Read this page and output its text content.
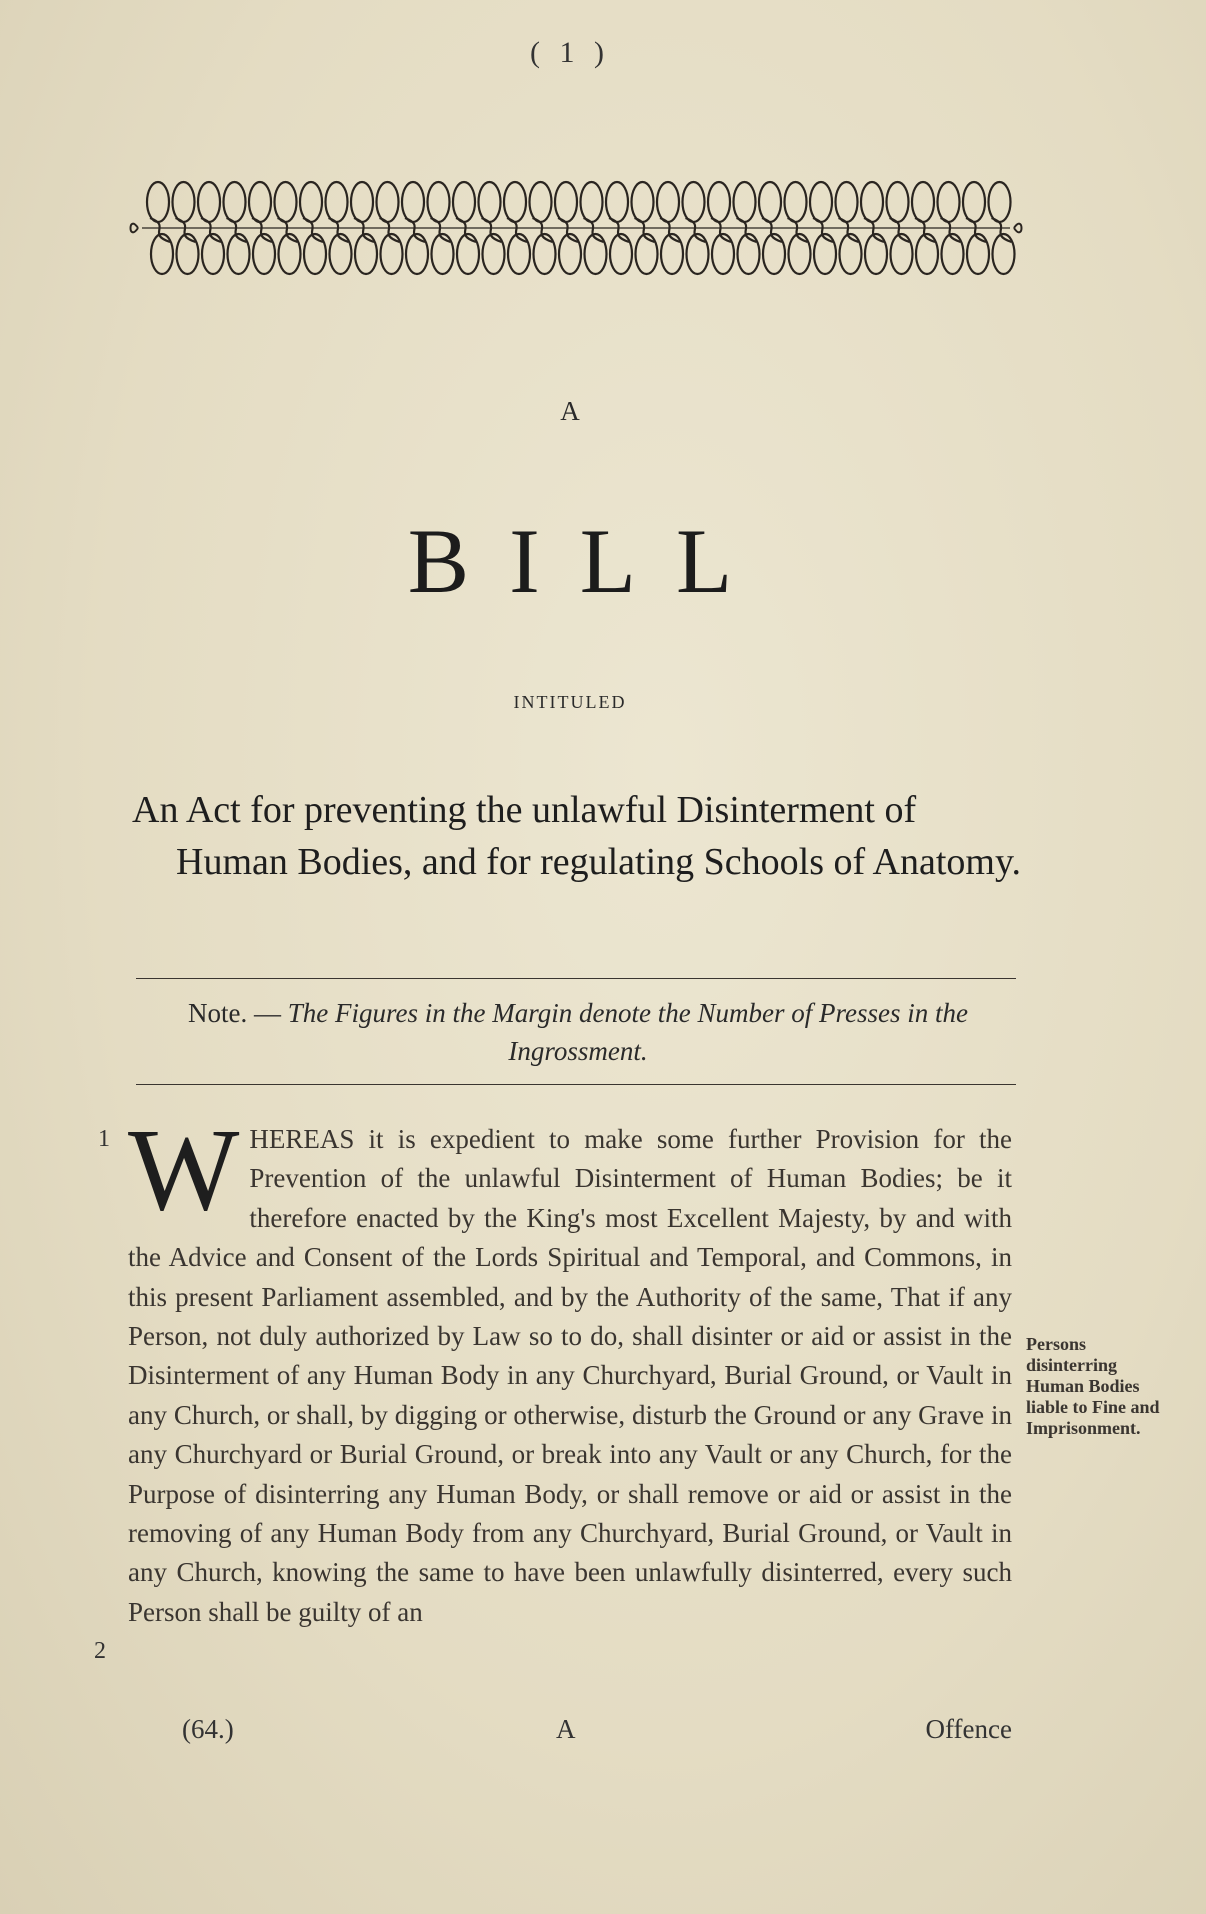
( 1 )
A
BILL
INTITULED
An Act for preventing the unlawful Disinterment of Human Bodies, and for regulating Schools of Anatomy.
Note. — The Figures in the Margin denote the Number of Presses in the Ingrossment.
1
2
W HEREAS it is expedient to make some further Provision for the Prevention of the unlawful Disinterment of Human Bodies; be it therefore enacted by the King's most Excellent Majesty, by and with the Advice and Consent of the Lords Spiritual and Temporal, and Commons, in this present Parliament assembled, and by the Authority of the same, That if any Person, not duly authorized by Law so to do, shall disinter or aid or assist in the Disinterment of any Human Body in any Churchyard, Burial Ground, or Vault in any Church, or shall, by digging or otherwise, disturb the Ground or any Grave in any Churchyard or Burial Ground, or break into any Vault or any Church, for the Purpose of disinterring any Human Body, or shall remove or aid or assist in the removing of any Human Body from any Churchyard, Burial Ground, or Vault in any Church, knowing the same to have been unlawfully disinterred, every such Person shall be guilty of an
Persons disinterring Human Bodies liable to Fine and Imprisonment.
(64.)	A	Offence
